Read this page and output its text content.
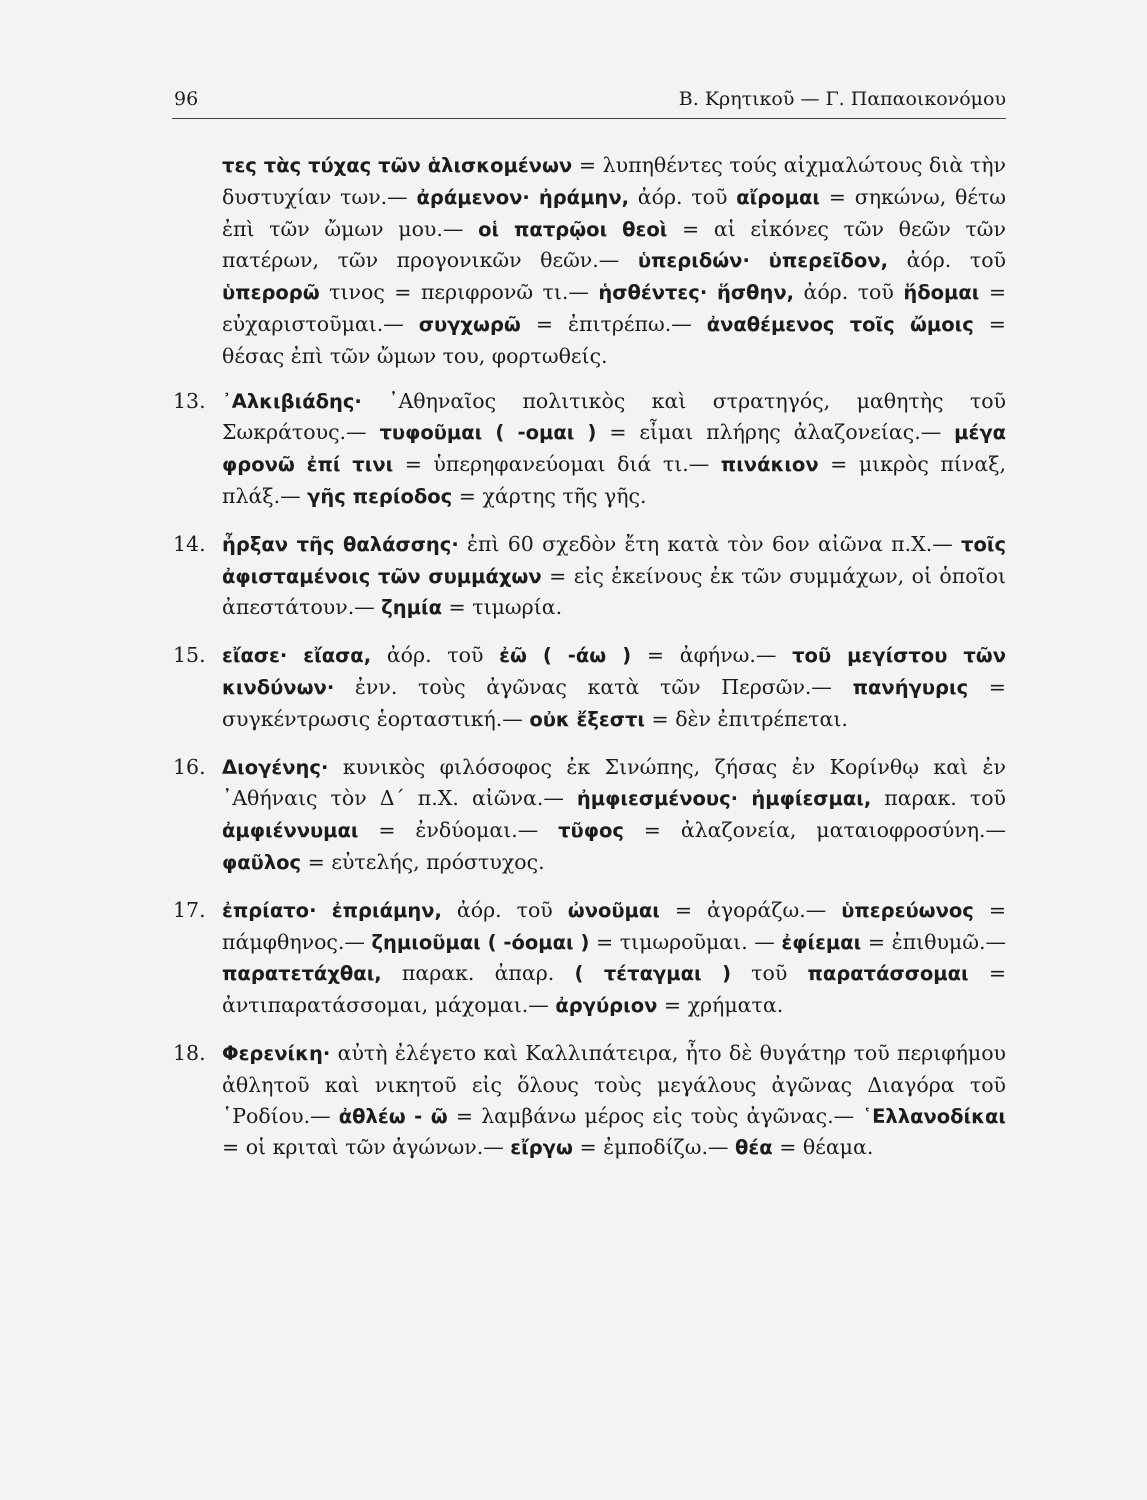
96	Β. Κρητικοῦ — Γ. Παπαοικονόμου
τες τὰς τύχας τῶν ἁλισκομένων = λυπηθέντες τούς αἰχμαλώτους διὰ τὴν δυστυχίαν των.— ἀράμενον· ἠράμην, ἀόρ. τοῦ αἴρομαι = σηκώνω, θέτω ἐπὶ τῶν ὤμων μου.— οἱ πατρῷοι θεοὶ = αἱ εἰκόνες τῶν θεῶν τῶν πατέρων, τῶν προγονικῶν θεῶν.— ὑπεριδών· ὑπερεῖδον, ἀόρ. τοῦ ὑπερορῶ τινος = περιφρονῶ τι.— ἡσθέντες· ἥσθην, ἀόρ. τοῦ ἥδομαι = εὐχαριστοῦμαι.— συγχωρῶ = ἐπιτρέπω.— ἀναθέμενος τοῖς ὤμοις = θέσας ἐπὶ τῶν ὤμων του, φορτωθείς.
13. ᾿Αλκιβιάδης· ᾿Αθηναῖος πολιτικὸς καὶ στρατηγός, μαθητὴς τοῦ Σωκράτους.— τυφοῦμαι ( -ομαι ) = εἶμαι πλήρης ἀλαζονείας.— μέγα φρονῶ ἐπί τινι = ὑπερηφανεύομαι διά τι.— πινάκιον = μικρὸς πίναξ, πλάξ.— γῆς περίοδος = χάρτης τῆς γῆς.
14. ἦρξαν τῆς θαλάσσης· ἐπὶ 60 σχεδὸν ἔτη κατὰ τὸν 6ον αἰῶνα π.Χ.— τοῖς ἀφισταμένοις τῶν συμμάχων = εἰς ἐκείνους ἐκ τῶν συμμάχων, οἱ ὁποῖοι ἀπεστάτουν.— ζημία = τιμωρία.
15. εἴασε· εἴασα, ἀόρ. τοῦ ἐῶ ( -άω ) = ἀφήνω.— τοῦ μεγίστου τῶν κινδύνων· ἐνν. τοὺς ἀγῶνας κατὰ τῶν Περσῶν.— πανήγυρις = συγκέντρωσις ἑορταστική.— οὐκ ἔξεστι = δὲν ἐπιτρέπεται.
16. Διογένης· κυνικὸς φιλόσοφος ἐκ Σινώπης, ζήσας ἐν Κορίνθῳ καὶ ἐν ᾿Αθήναις τὸν Δ΄ π.Χ. αἰῶνα.— ἠμφιεσμένους· ἠμφίεσμαι, παρακ. τοῦ ἀμφιέννυμαι = ἐνδύομαι.— τῦφος = ἀλαζονεία, ματαιοφροσύνη.— φαῦλος = εὐτελής, πρόστυχος.
17. ἐπρίατο· ἐπριάμην, ἀόρ. τοῦ ὠνοῦμαι = ἀγοράζω.— ὑπερεύωνος = πάμφθηνος.— ζημιοῦμαι ( -όομαι ) = τιμωροῦμαι. — ἐφίεμαι = ἐπιθυμῶ.— παρατετάχθαι, παρακ. ἀπαρ. ( τέταγμαι ) τοῦ παρατάσσομαι = ἀντιπαρατάσσομαι, μάχομαι.— ἀργύριον = χρήματα.
18. Φερενίκη· αὐτὴ ἐλέγετο καὶ Καλλιπάτειρα, ἦτο δὲ θυγάτηρ τοῦ περιφήμου ἀθλητοῦ καὶ νικητοῦ εἰς ὅλους τοὺς μεγάλους ἀγῶνας Διαγόρα τοῦ ῾Ροδίου.— ἀθλέω - ῶ = λαμβάνω μέρος εἰς τοὺς ἀγῶνας.— ῾Ελλανοδίκαι = οἱ κριταὶ τῶν ἀγώνων.— εἴργω = ἐμποδίζω.— θέα = θέαμα.
